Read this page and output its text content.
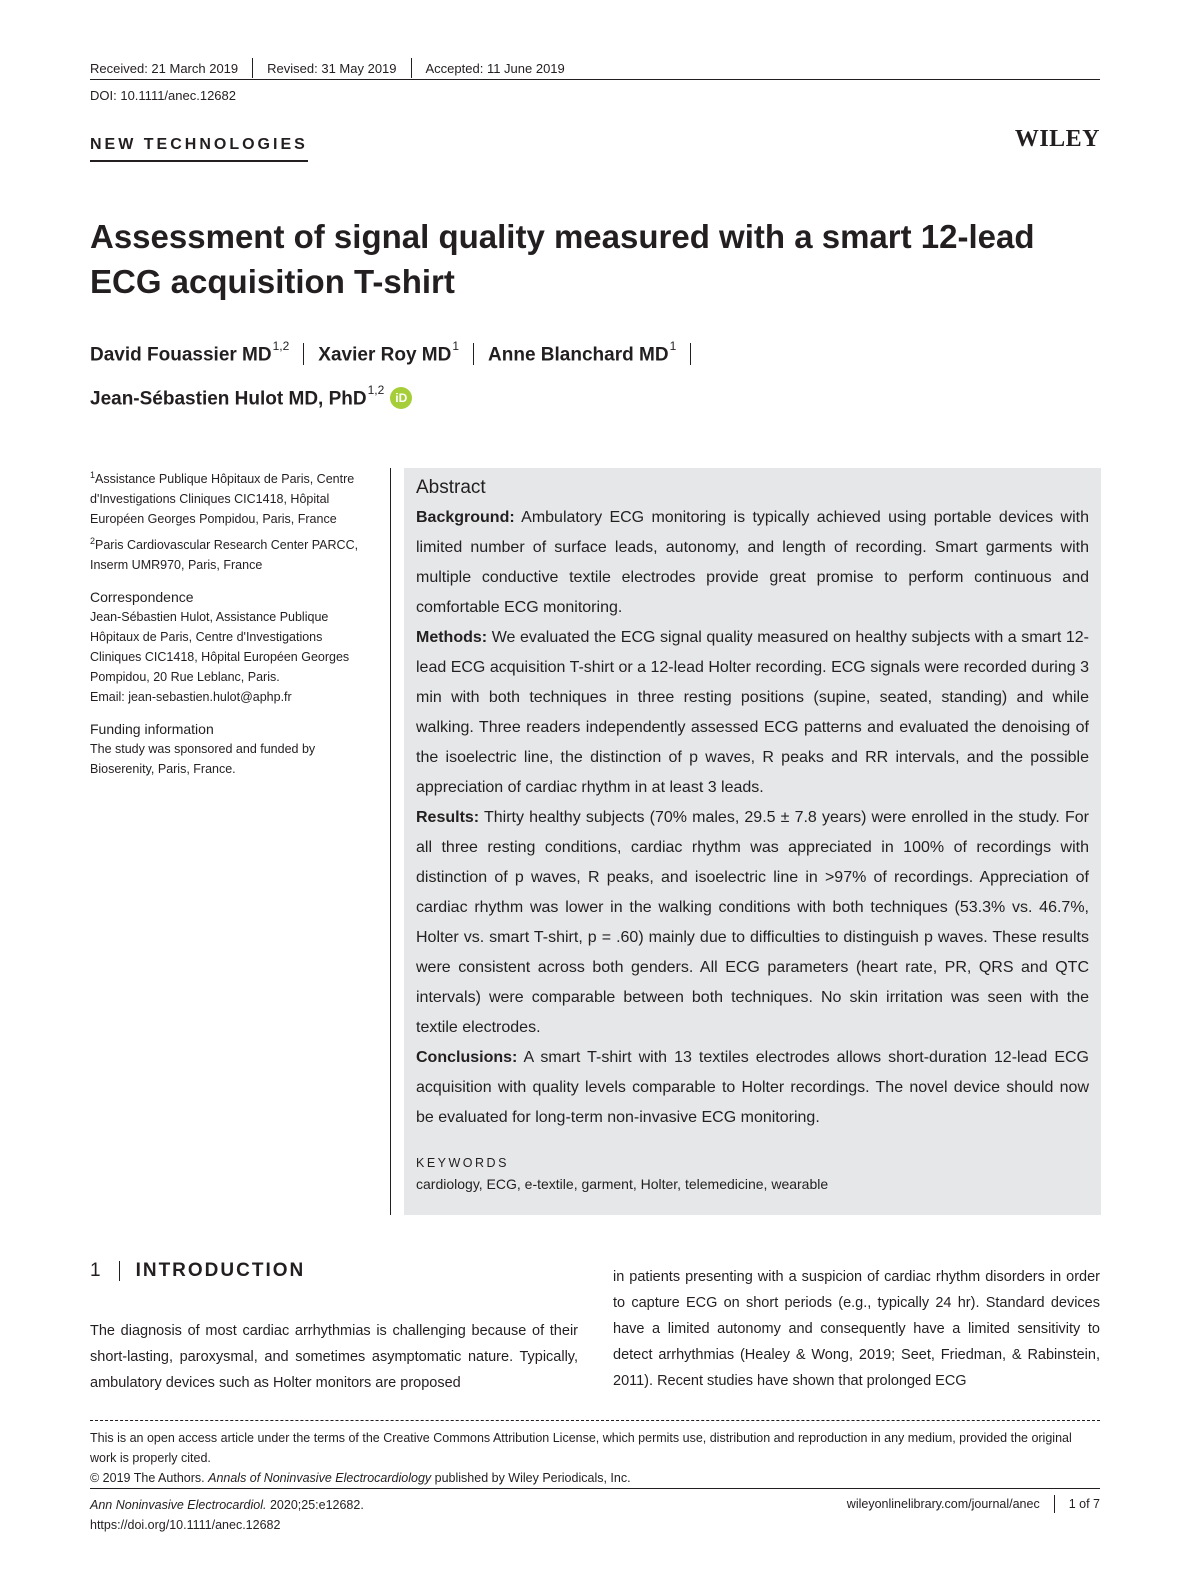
Received: 21 March 2019 Revised: 31 May 2019 Accepted: 11 June 2019
DOI: 10.1111/anec.12682
NEW TECHNOLOGIES	WILEY
Assessment of signal quality measured with a smart 12-lead ECG acquisition T-shirt
David Fouassier MD$^{1,2}$ Xavier Roy $MD^1$ Anne Blanchard $MD^1$
Jean-Sébastien Hulot MD, PhD$^{1,2}$
iD

$^1$Assistance Publique Hôpitaux de Paris, Centre d'Investigations Cliniques CIC1418, Hôpital Européen Georges Pompidou, Paris, France

$^2$Paris Cardiovascular Research Center PARCC, Inserm UMR970, Paris, France

Correspondence

Jean-Sébastien Hulot, Assistance Publique Hôpitaux de Paris, Centre d'Investigations Cliniques CIC1418, Hôpital Européen Georges Pompidou, 20 Rue Leblanc, Paris.

Email: jean-sebastien.hulot@aphp.fr

Funding information

The study was sponsored and funded by Bioserenity, Paris, France.

Abstract

Background: Ambulatory ECG monitoring is typically achieved using portable devices with limited number of surface leads, autonomy, and length of recording. Smart garments with multiple conductive textile electrodes provide great promise to perform continuous and comfortable ECG monitoring.

Methods: We evaluated the ECG signal quality measured on healthy subjects with a smart 12-lead ECG acquisition T-shirt or a 12-lead Holter recording. ECG signals were recorded during 3 min with both techniques in three resting positions (supine, seated, standing) and while walking. Three readers independently assessed ECG patterns and evaluated the denoising of the isoelectric line, the distinction of p waves, R peaks and RR intervals, and the possible appreciation of cardiac rhythm in at least 3 leads.

Results: Thirty healthy subjects (70% males, 29.5 ± 7.8 years) were enrolled in the study. For all three resting conditions, cardiac rhythm was appreciated in 100% of recordings with distinction of p waves, R peaks, and isoelectric line in >97% of recordings. Appreciation of cardiac rhythm was lower in the walking conditions with both techniques (53.3% vs. 46.7%, Holter vs. smart T-shirt, p = .60) mainly due to difficulties to distinguish p waves. These results were consistent across both genders. All ECG parameters (heart rate, PR, QRS and QTC intervals) were comparable between both techniques. No skin irritation was seen with the textile electrodes.

Conclusions: A smart T-shirt with 13 textiles electrodes allows short-duration 12-lead ECG acquisition with quality levels comparable to Holter recordings. The novel device should now be evaluated for long-term non-invasive ECG monitoring.

KEYWORDS
cardiology, ECG, e-textile, garment, Holter, telemedicine, wearable
1 INTRODUCTION

The diagnosis of most cardiac arrhythmias is challenging because of their short-lasting, paroxysmal, and sometimes asymptomatic nature. Typically, ambulatory devices such as Holter monitors are proposed

in patients presenting with a suspicion of cardiac rhythm disorders in order to capture ECG on short periods (e.g., typically 24 hr). Standard devices have a limited autonomy and consequently have a limited sensitivity to detect arrhythmias (Healey & Wong, 2019; Seet, Friedman, & Rabinstein, 2011). Recent studies have shown that prolonged ECG

This is an open access article under the terms of the Creative Commons Attribution License, which permits use, distribution and reproduction in any medium, provided the original work is properly cited.

© 2019 The Authors. Annals of Noninvasive Electrocardiology published by Wiley Periodicals, Inc.

Ann Noninvasive Electrocardiol. 2020;25:e12682.

https://doi.org/10.1111/anec.12682

wileyonlinelibrary.com/journal/anec 1 of 7
